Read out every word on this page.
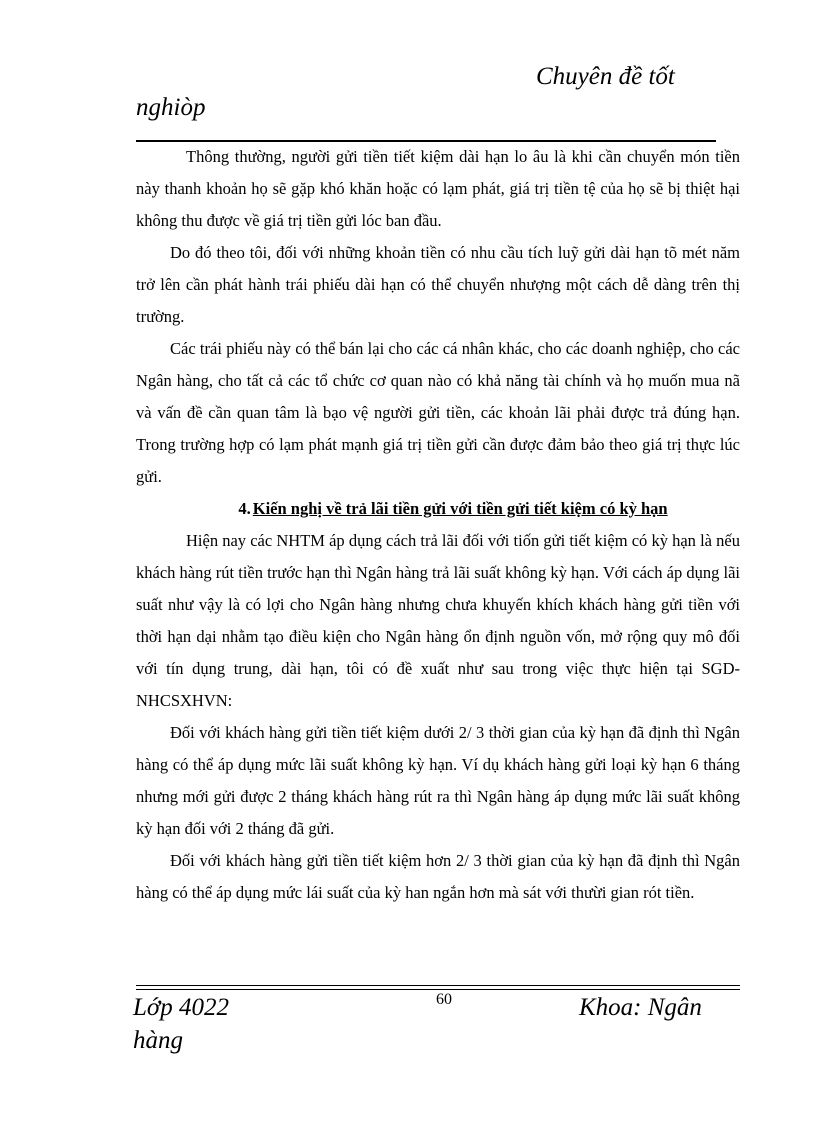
Chuyên đề tốt
nghiòp

Thông thường, người gửi tiền tiết kiệm dài hạn lo âu là khi cần chuyển món tiền này thanh khoản họ sẽ gặp khó khăn hoặc có lạm phát, giá trị tiền tệ của họ sẽ bị thiệt hại không thu được về giá trị tiền gửi lóc ban đầu.

Do đó theo tôi, đối với những khoản tiền có nhu cầu tích luỹ gửi dài hạn tõ mét năm trở lên cần phát hành trái phiếu dài hạn có thể chuyển nhượng một cách dễ dàng trên thị trường.

Các trái phiếu này có thể bán lại cho các cá nhân khác, cho các doanh nghiệp, cho các Ngân hàng, cho tất cả các tổ chức cơ quan nào có khả năng tài chính và họ muốn mua nã và vấn đề cần quan tâm là bạo vệ người gửi tiền, các khoản lãi phải được trả đúng hạn. Trong trường hợp có lạm phát mạnh giá trị tiền gửi cần được đảm bảo theo giá trị thực lúc gửi.

4. Kiến nghị về trả lãi tiền gửi với tiền gửi tiết kiệm có kỳ hạn

Hiện nay các NHTM áp dụng cách trả lãi đối với tiốn gửi tiết kiệm có kỳ hạn là nếu khách hàng rút tiền trước hạn thì Ngân hàng trả lãi suất không kỳ hạn. Với cách áp dụng lãi suất như vậy là có lợi cho Ngân hàng nhưng chưa khuyến khích khách hàng gửi tiền với thời hạn dại nhằm tạo điều kiện cho Ngân hàng ổn định nguồn vốn, mở rộng quy mô đối với tín dụng trung, dài hạn, tôi có đề xuất như sau trong việc thực hiện tại SGD-NHCSXHVN:

Đối với khách hàng gửi tiền tiết kiệm dưới 2/ 3 thời gian của kỳ hạn đã định thì Ngân hàng có thể áp dụng mức lãi suất không kỳ hạn. Ví dụ khách hàng gửi loại kỳ hạn 6 tháng nhưng mới gửi được 2 tháng khách hàng rút ra thì Ngân hàng áp dụng mức lãi suất không kỳ hạn đối với 2 tháng đã gửi.

Đối với khách hàng gửi tiền tiết kiệm hơn 2/ 3 thời gian của kỳ hạn đã định thì Ngân hàng có thể áp dụng mức lái suất của kỳ han ngắn hơn mà sát với thưừi gian rót tiền.

Lớp 4022
hàng
60	Khoa: Ngân
